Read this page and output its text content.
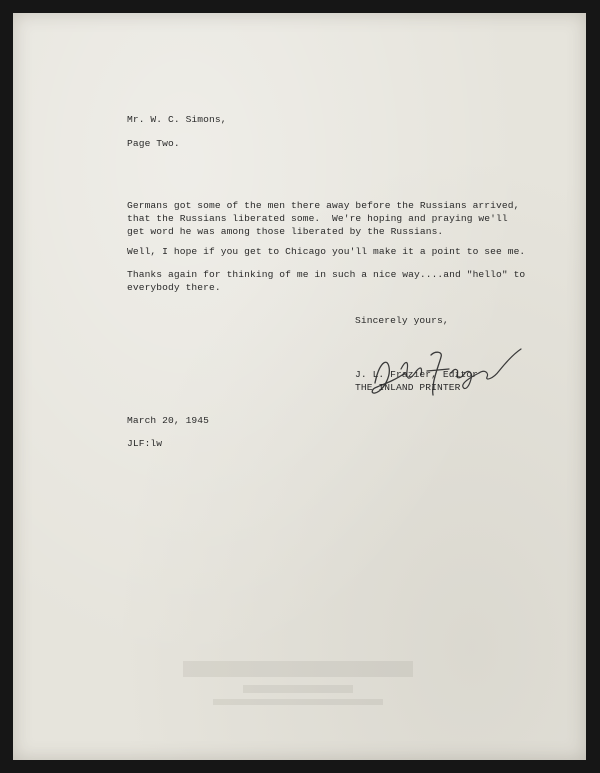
Mr. W. C. Simons,
Page Two.
Germans got some of the men there away before the Russians arrived,
that the Russians liberated some.  We're hoping and praying we'll
get word he was among those liberated by the Russians.
Well, I hope if you get to Chicago you'll make it a point to see me.
Thanks again for thinking of me in such a nice way....and "hello" to
everybody there.
Sincerely yours,
J. L. Frazier, Editor
THE INLAND PRINTER
March 20, 1945
JLF:lw
